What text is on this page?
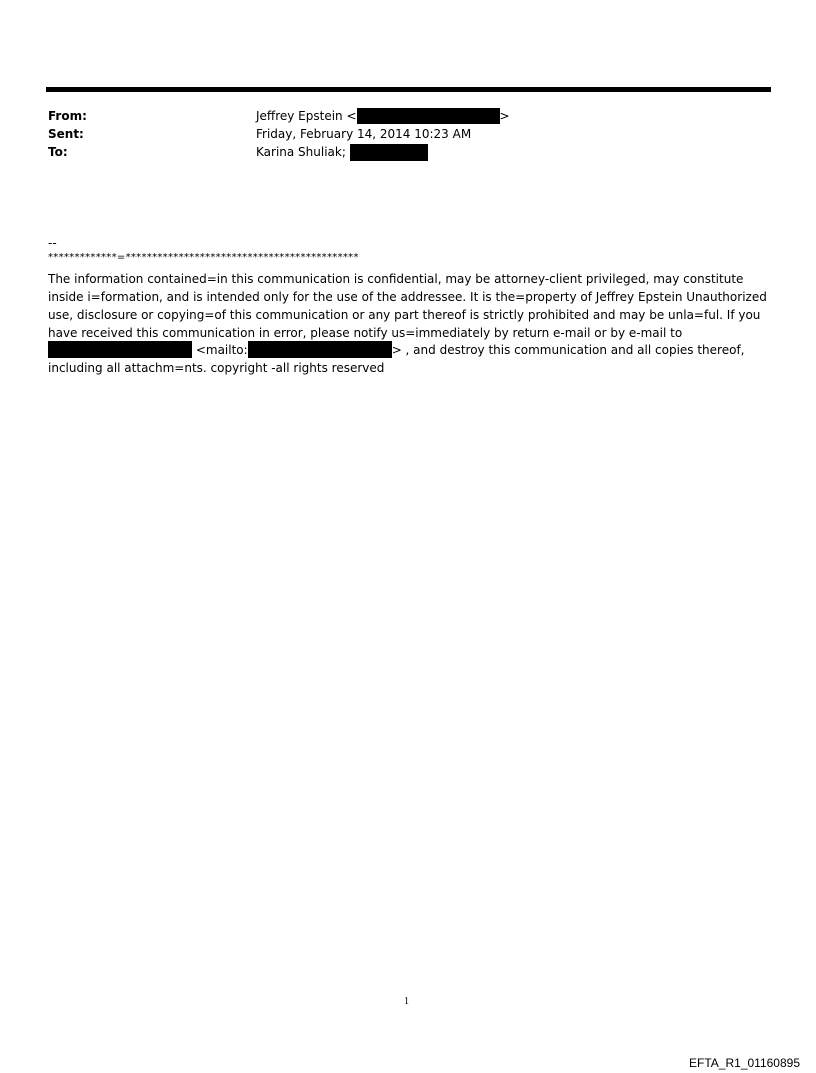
From:	Jeffrey Epstein <	>
Sent:	Friday, February 14, 2014 10:23 AM
To:	Karina Shuliak;
--
*************=********************************************
The information contained=in this communication is confidential, may be attorney-client privileged, may constitute
inside i=formation, and is intended only for the use of the addressee. It is the=property of Jeffrey Epstein Unauthorized
use, disclosure or copying=of this communication or any part thereof is strictly prohibited and may be unla=ful. If you
have received this communication in error, please notify us=immediately by return e-mail or by e-mail to
<mailto:	> , and destroy this communication and all copies thereof,
including all attachm=nts. copyright -all rights reserved
1
EFTA_R1_01160895
